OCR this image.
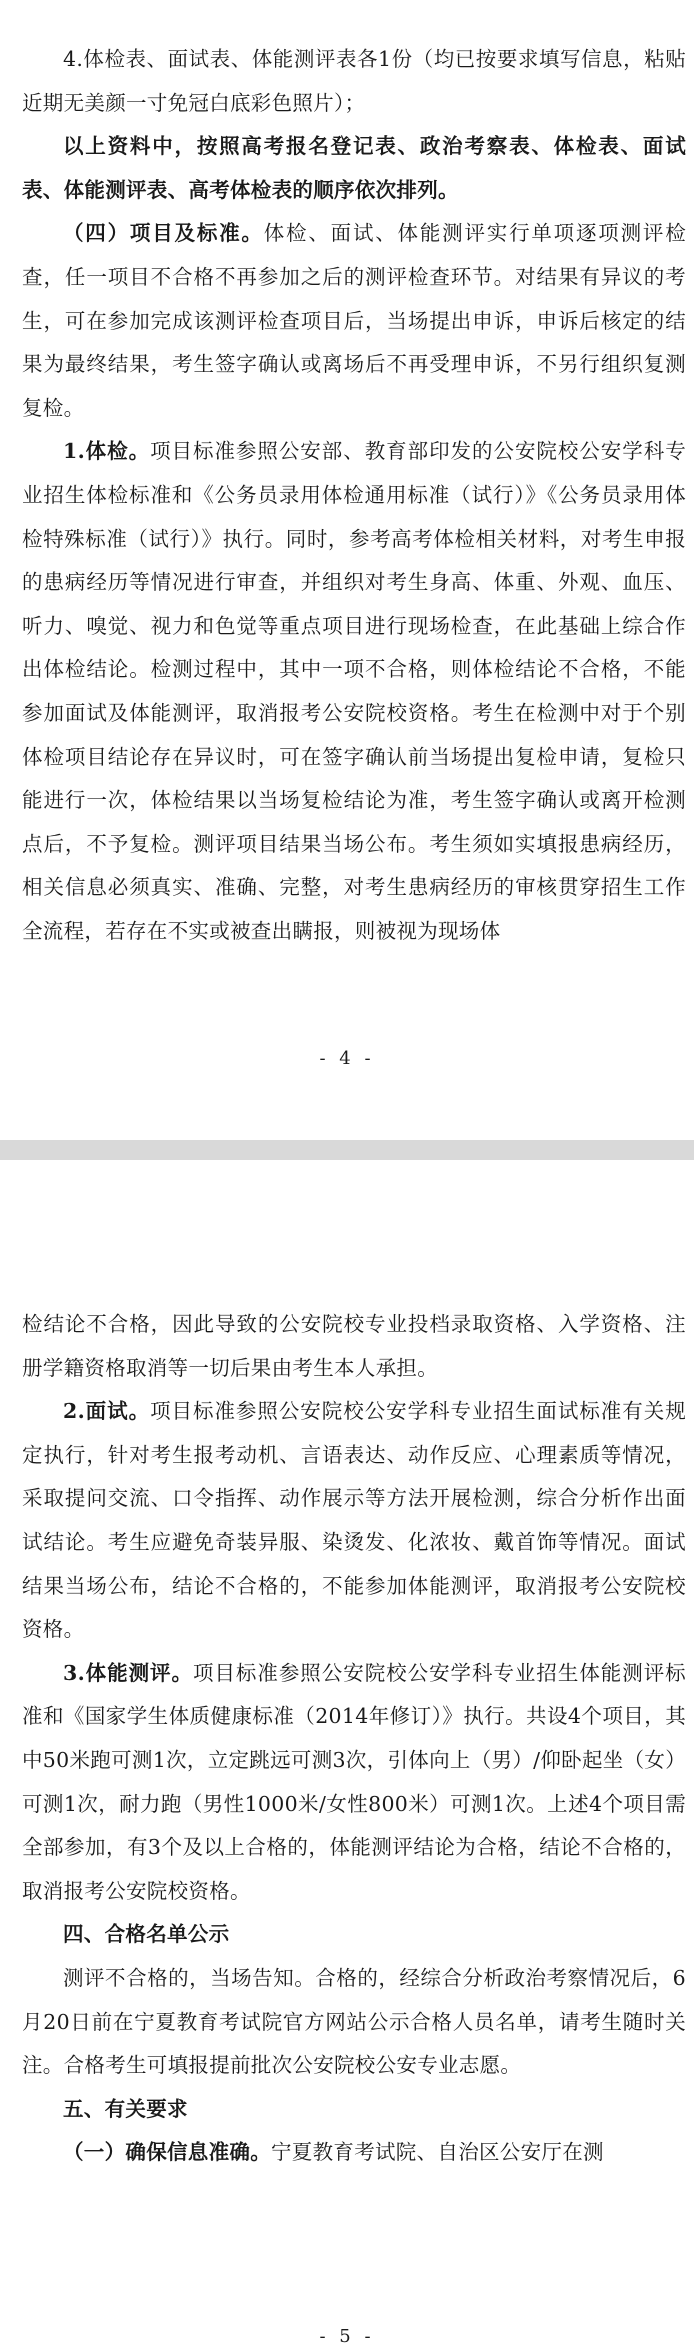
4.体检表、面试表、体能测评表各1份（均已按要求填写信息，粘贴近期无美颜一寸免冠白底彩色照片）；

以上资料中，按照高考报名登记表、政治考察表、体检表、面试表、体能测评表、高考体检表的顺序依次排列。

（四）项目及标准。体检、面试、体能测评实行单项逐项测评检查，任一项目不合格不再参加之后的测评检查环节。对结果有异议的考生，可在参加完成该测评检查项目后，当场提出申诉，申诉后核定的结果为最终结果，考生签字确认或离场后不再受理申诉，不另行组织复测复检。

1.体检。项目标准参照公安部、教育部印发的公安院校公安学科专业招生体检标准和《公务员录用体检通用标准（试行）》《公务员录用体检特殊标准（试行）》执行。同时，参考高考体检相关材料，对考生申报的患病经历等情况进行审查，并组织对考生身高、体重、外观、血压、听力、嗅觉、视力和色觉等重点项目进行现场检查，在此基础上综合作出体检结论。检测过程中，其中一项不合格，则体检结论不合格，不能参加面试及体能测评，取消报考公安院校资格。考生在检测中对于个别体检项目结论存在异议时，可在签字确认前当场提出复检申请，复检只能进行一次，体检结果以当场复检结论为准，考生签字确认或离开检测点后，不予复检。测评项目结果当场公布。考生须如实填报患病经历，相关信息必须真实、准确、完整，对考生患病经历的审核贯穿招生工作全流程，若存在不实或被查出瞒报，则被视为现场体

- 4 -

检结论不合格，因此导致的公安院校专业投档录取资格、入学资格、注册学籍资格取消等一切后果由考生本人承担。

2.面试。项目标准参照公安院校公安学科专业招生面试标准有关规定执行，针对考生报考动机、言语表达、动作反应、心理素质等情况，采取提问交流、口令指挥、动作展示等方法开展检测，综合分析作出面试结论。考生应避免奇装异服、染烫发、化浓妆、戴首饰等情况。面试结果当场公布，结论不合格的，不能参加体能测评，取消报考公安院校资格。

3.体能测评。项目标准参照公安院校公安学科专业招生体能测评标准和《国家学生体质健康标准（2014年修订）》执行。共设4个项目，其中50米跑可测1次，立定跳远可测3次，引体向上（男）/仰卧起坐（女）可测1次，耐力跑（男性1000米/女性800米）可测1次。上述4个项目需全部参加，有3个及以上合格的，体能测评结论为合格，结论不合格的，取消报考公安院校资格。

四、合格名单公示

测评不合格的，当场告知。合格的，经综合分析政治考察情况后，6月20日前在宁夏教育考试院官方网站公示合格人员名单，请考生随时关注。合格考生可填报提前批次公安院校公安专业志愿。

五、有关要求

（一）确保信息准确。宁夏教育考试院、自治区公安厅在测

- 5 -
